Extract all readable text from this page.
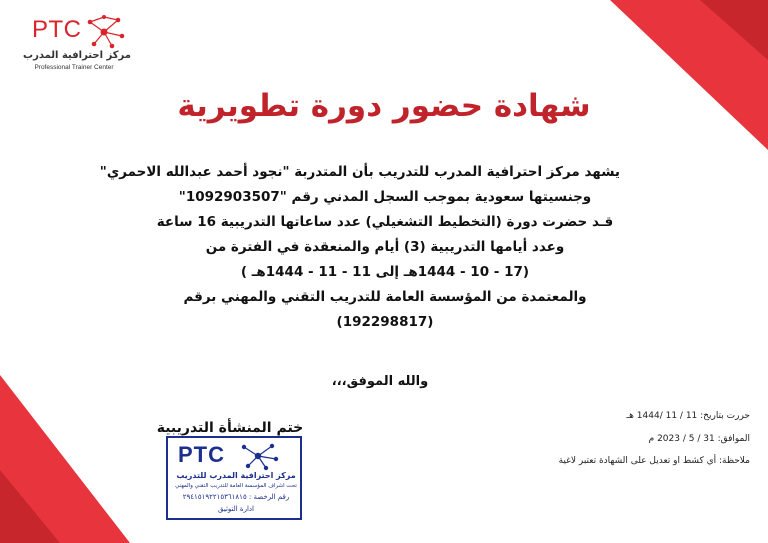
PTC
مركز احترافية المدرب
Professional Trainer Center
شهادة حضور دورة تطويرية
يشهد مركز احترافية المدرب للتدريب بأن المتدربة "نجود أحمد عبدالله الاحمري"
وجنسيتها سعودية بموجب السجل المدني رقم "1092903507"
قـد حضرت دورة (التخطيط التشغيلي) عدد ساعاتها التدريبية 16 ساعة
وعدد أيامها التدريبية (3) أيام والمنعقدة في الفترة من
(17 - 10 - 1444هـ إلى 11 - 11 - 1444هـ )
والمعتمدة من المؤسسة العامة للتدريب التقني والمهني برقم
(192298817)
والله الموفق،،،
حررت بتاريخ: 11 / 11 /1444 هـ
الموافق: 31 / 5 / 2023 م
ملاحظة: أي كشط او تعديل على الشهادة تعتبر لاغية
ختم المنشأة التدريبية
PTC
مركز احترافية المدرب للتدريب
تحت اشراف المؤسسة العامة للتدريب التقني والمهني
رقم الرخصة : ٢٩٤١٥١٩٢٢١٥٣٦١٨١٥
ادارة التوثيق
